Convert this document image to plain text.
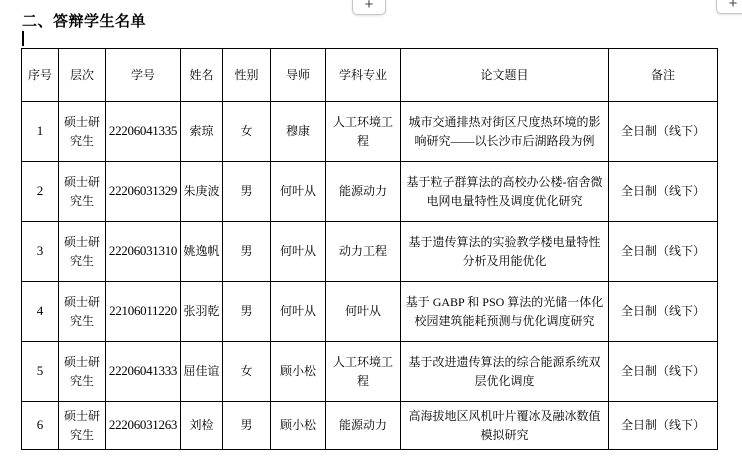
+	+
二、答辩学生名单
序号	层次	学号	姓名	性别	导师	学科专业	论文题目	备注
1	硕士研究生	22206041335	索琼	女	穆康	人工环境工程	城市交通排热对街区尺度热环境的影响研究——以长沙市后湖路段为例	全日制（线下）
2	硕士研究生	22206031329	朱庚波	男	何叶从	能源动力	基于粒子群算法的高校办公楼-宿舍微电网电量特性及调度优化研究	全日制（线下）
3	硕士研究生	22206031310	姚逸帆	男	何叶从	动力工程	基于遗传算法的实验教学楼电量特性分析及用能优化	全日制（线下）
4	硕士研究生	22106011220	张羽乾	男	何叶从	何叶从	基于 GABP 和 PSO 算法的光储一体化校园建筑能耗预测与优化调度研究	全日制（线下）
5	硕士研究生	22206041333	屈佳谊	女	顾小松	人工环境工程	基于改进遗传算法的综合能源系统双层优化调度	全日制（线下）
6	硕士研究生	22206031263	刘检	男	顾小松	能源动力	高海拔地区风机叶片覆冰及融冰数值模拟研究	全日制（线下）
